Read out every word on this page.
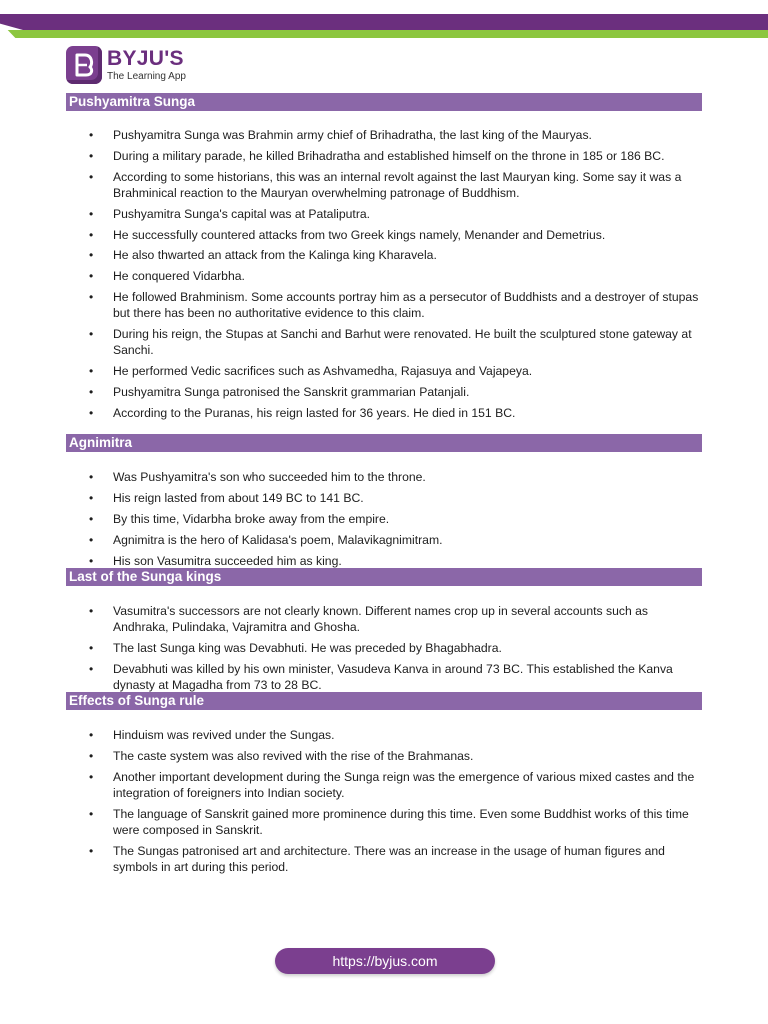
BYJU'S
The Learning App
Pushyamitra Sunga
• Pushyamitra Sunga was Brahmin army chief of Brihadratha, the last king of the Mauryas.
• During a military parade, he killed Brihadratha and established himself on the throne in 185 or 186 BC.
• According to some historians, this was an internal revolt against the last Mauryan king. Some say it was a Brahminical reaction to the Mauryan overwhelming patronage of Buddhism.
• Pushyamitra Sunga's capital was at Pataliputra.
• He successfully countered attacks from two Greek kings namely, Menander and Demetrius.
• He also thwarted an attack from the Kalinga king Kharavela.
• He conquered Vidarbha.
• He followed Brahminism. Some accounts portray him as a persecutor of Buddhists and a destroyer of stupas but there has been no authoritative evidence to this claim.
• During his reign, the Stupas at Sanchi and Barhut were renovated. He built the sculptured stone gateway at Sanchi.
• He performed Vedic sacrifices such as Ashvamedha, Rajasuya and Vajapeya.
• Pushyamitra Sunga patronised the Sanskrit grammarian Patanjali.
• According to the Puranas, his reign lasted for 36 years. He died in 151 BC.
Agnimitra
• Was Pushyamitra's son who succeeded him to the throne.
• His reign lasted from about 149 BC to 141 BC.
• By this time, Vidarbha broke away from the empire.
• Agnimitra is the hero of Kalidasa's poem, Malavikagnimitram.
• His son Vasumitra succeeded him as king.
Last of the Sunga kings
• Vasumitra's successors are not clearly known. Different names crop up in several accounts such as Andhraka, Pulindaka, Vajramitra and Ghosha.
• The last Sunga king was Devabhuti. He was preceded by Bhagabhadra.
• Devabhuti was killed by his own minister, Vasudeva Kanva in around 73 BC. This established the Kanva dynasty at Magadha from 73 to 28 BC.
Effects of Sunga rule
• Hinduism was revived under the Sungas.
• The caste system was also revived with the rise of the Brahmanas.
• Another important development during the Sunga reign was the emergence of various mixed castes and the integration of foreigners into Indian society.
• The language of Sanskrit gained more prominence during this time. Even some Buddhist works of this time were composed in Sanskrit.
• The Sungas patronised art and architecture. There was an increase in the usage of human figures and symbols in art during this period.
https://byjus.com
